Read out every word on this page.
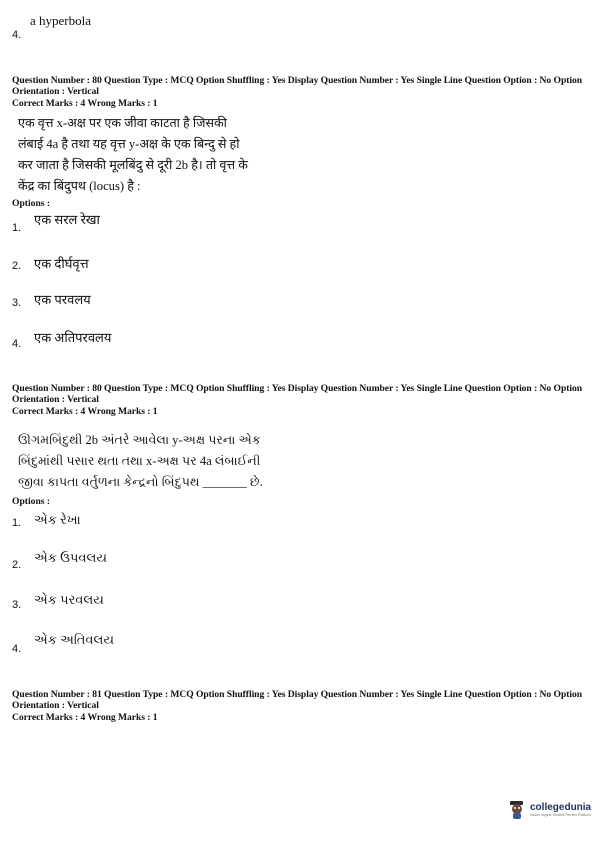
a hyperbola
4.
Question Number : 80 Question Type : MCQ Option Shuffling : Yes Display Question Number : Yes Single Line Question Option : No Option Orientation : Vertical
Correct Marks : 4 Wrong Marks : 1
एक वृत्त x-अक्ष पर एक जीवा काटता है जिसकी
लंबाई 4a है तथा यह वृत्त y-अक्ष के एक बिन्दु से हो
कर जाता है जिसकी मूलबिंदु से दूरी 2b है। तो वृत्त के
केंद्र का बिंदुपथ (locus) है :
Options :
एक सरल रेखा
1.
एक दीर्घवृत्त
2.
एक परवलय
3.
एक अतिपरवलय
4.
Question Number : 80 Question Type : MCQ Option Shuffling : Yes Display Question Number : Yes Single Line Question Option : No Option Orientation : Vertical
Correct Marks : 4 Wrong Marks : 1
ઊગમબિંદુથી 2b અંતરે આવેલા y-અક્ષ પરના એક
બિંદુમાંથી પસાર થતા તથા x-અક્ષ પર 4a લંબાઈની
જીવા કાપતા વર્તુળના કેન્દ્રનો બિંદુપથ _______ છે.
Options :
એક રેખા
1.
એક ઉપવલય
2.
એક પરવલય
3.
એક અતિવલય
4.
Question Number : 81 Question Type : MCQ Option Shuffling : Yes Display Question Number : Yes Single Line Question Option : No Option Orientation : Vertical
Correct Marks : 4 Wrong Marks : 1
collegedunia
India's largest Student Review Platform
